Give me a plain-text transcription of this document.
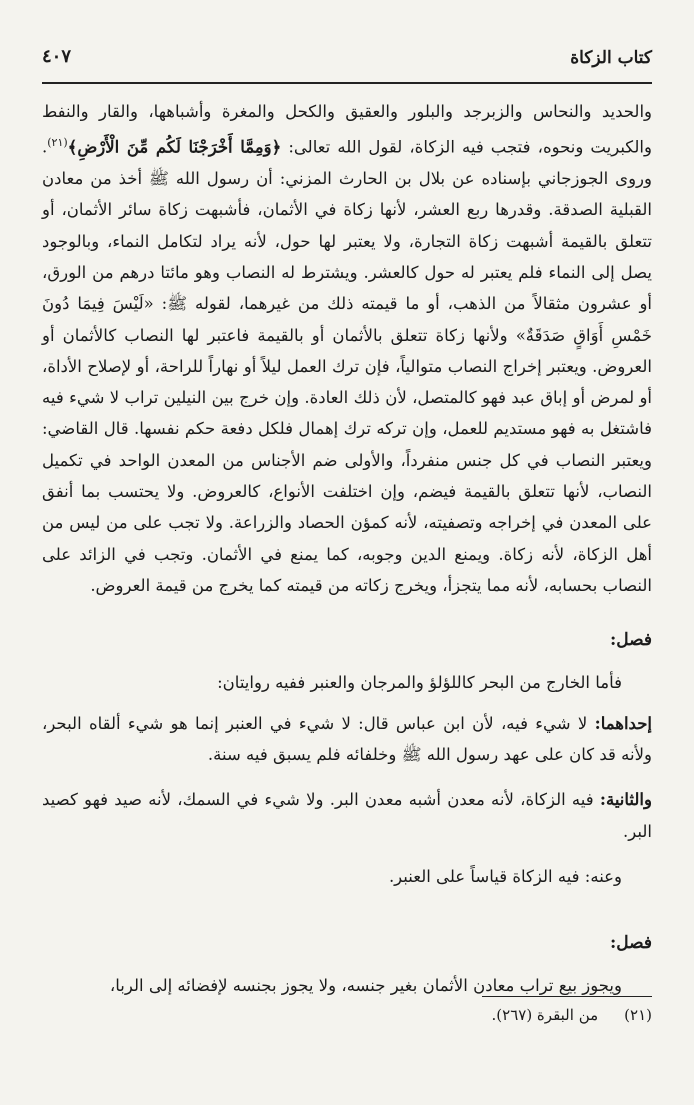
كتاب الزكاة
٤٠٧

والحديد والنحاس والزبرجد والبلور والعقيق والكحل والمغرة وأشباهها، والقار والنفط والكبريت ونحوه، فتجب فيه الزكاة، لقول الله تعالى: ﴿وَمِمَّا أَخْرَجْنَا لَكُم مِّنَ الْأَرْضِ﴾$^{(٢١)}$. وروى الجوزجاني بإسناده عن بلال بن الحارث المزني: أن رسول الله ﷺ أخذ من معادن القبلية الصدقة. وقدرها ربع العشر، لأنها زكاة في الأثمان، فأشبهت زكاة سائر الأثمان، أو تتعلق بالقيمة أشبهت زكاة التجارة، ولا يعتبر لها حول، لأنه يراد لتكامل النماء، وبالوجود يصل إلى النماء فلم يعتبر له حول كالعشر. ويشترط له النصاب وهو مائتا درهم من الورق، أو عشرون مثقالاً من الذهب، أو ما قيمته ذلك من غيرهما، لقوله ﷺ: «لَيْسَ فِيمَا دُونَ خَمْسِ أَوَاقٍ صَدَقَةٌ» ولأنها زكاة تتعلق بالأثمان أو بالقيمة فاعتبر لها النصاب كالأثمان أو العروض. ويعتبر إخراج النصاب متوالياً، فإن ترك العمل ليلاً أو نهاراً للراحة، أو لإصلاح الأداة، أو لمرض أو إباق عبد فهو كالمتصل، لأن ذلك العادة. وإن خرج بين النيلين تراب لا شيء فيه فاشتغل به فهو مستديم للعمل، وإن تركه ترك إهمال فلكل دفعة حكم نفسها. قال القاضي: ويعتبر النصاب في كل جنس منفرداً، والأولى ضم الأجناس من المعدن الواحد في تكميل النصاب، لأنها تتعلق بالقيمة فيضم، وإن اختلفت الأنواع، كالعروض. ولا يحتسب بما أنفق على المعدن في إخراجه وتصفيته، لأنه كمؤن الحصاد والزراعة. ولا تجب على من ليس من أهل الزكاة، لأنه زكاة. ويمنع الدين وجوبه، كما يمنع في الأثمان. وتجب في الزائد على النصاب بحسابه، لأنه مما يتجزأ، ويخرج زكاته من قيمته كما يخرج من قيمة العروض.

فصل:

فأما الخارج من البحر كاللؤلؤ والمرجان والعنبر ففيه روايتان:

إحداهما: لا شيء فيه، لأن ابن عباس قال: لا شيء في العنبر إنما هو شيء ألقاه البحر، ولأنه قد كان على عهد رسول الله ﷺ وخلفائه فلم يسبق فيه سنة.

والثانية: فيه الزكاة، لأنه معدن أشبه معدن البر. ولا شيء في السمك، لأنه صيد فهو كصيد البر.

وعنه: فيه الزكاة قياساً على العنبر.

فصل:

ويجوز بيع تراب معادن الأثمان بغير جنسه، ولا يجوز بجنسه لإفضائه إلى الربا،

(٢١)من البقرة (٢٦٧).
